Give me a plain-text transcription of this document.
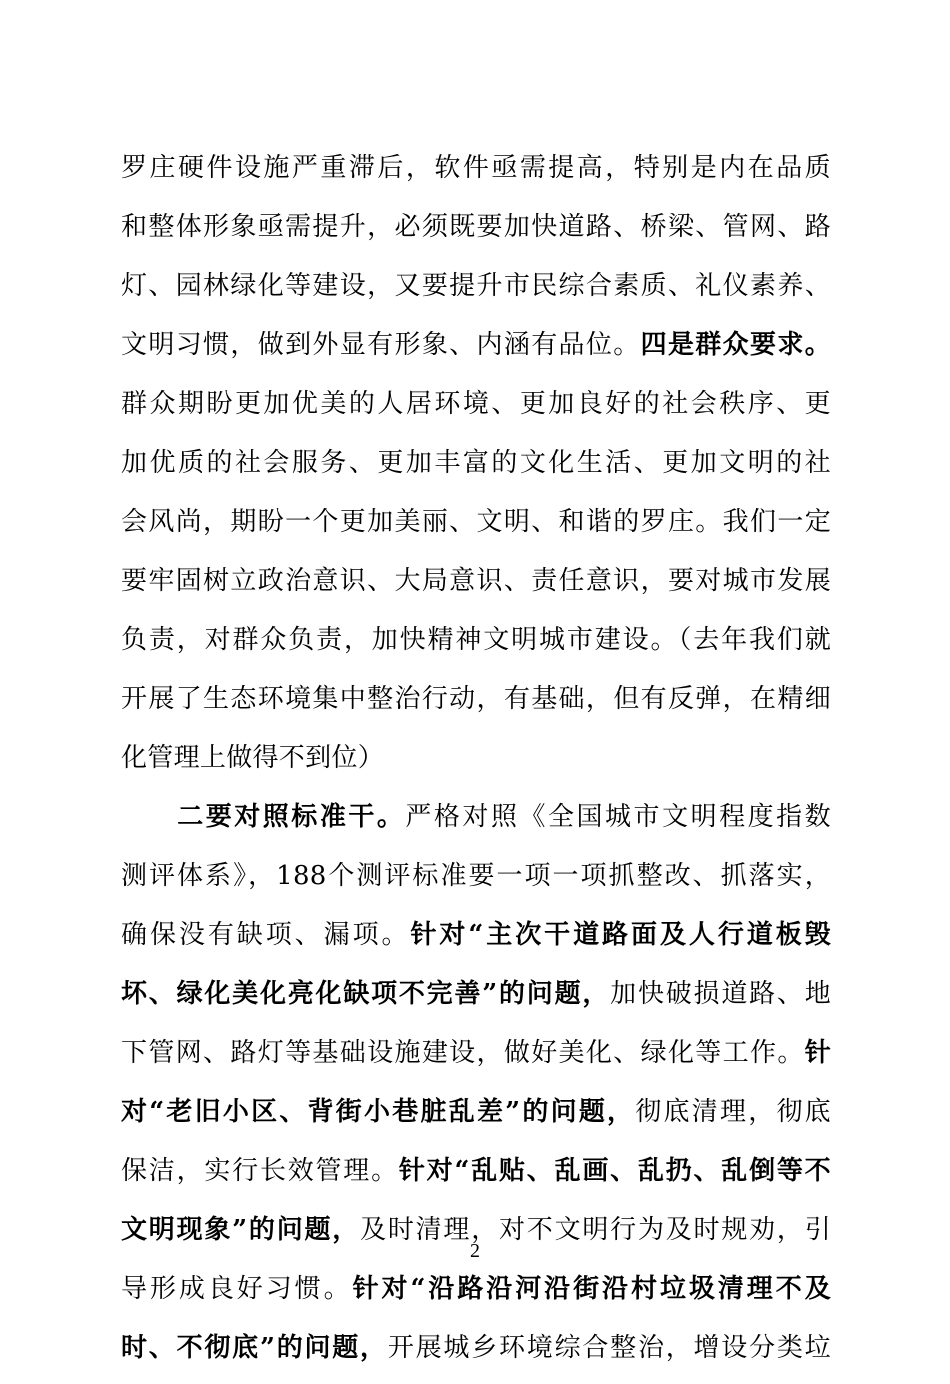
罗庄硬件设施严重滞后，软件亟需提高，特别是内在品质
和整体形象亟需提升，必须既要加快道路、桥梁、管网、路
灯、园林绿化等建设，又要提升市民综合素质、礼仪素养、
文明习惯，做到外显有形象、内涵有品位。四是群众要求。
群众期盼更加优美的人居环境、更加良好的社会秩序、更
加优质的社会服务、更加丰富的文化生活、更加文明的社
会风尚，期盼一个更加美丽、文明、和谐的罗庄。我们一定
要牢固树立政治意识、大局意识、责任意识，要对城市发展
负责，对群众负责，加快精神文明城市建设。（去年我们就
开展了生态环境集中整治行动，有基础，但有反弹，在精细
化管理上做得不到位）
二要对照标准干。严格对照《全国城市文明程度指数
测评体系》，188个测评标准要一项一项抓整改、抓落实，
确保没有缺项、漏项。针对“主次干道路面及人行道板毁
坏、绿化美化亮化缺项不完善”的问题，加快破损道路、地
下管网、路灯等基础设施建设，做好美化、绿化等工作。针
对“老旧小区、背街小巷脏乱差”的问题，彻底清理，彻底
保洁，实行长效管理。针对“乱贴、乱画、乱扔、乱倒等不
文明现象”的问题，及时清理，对不文明行为及时规劝，引
导形成良好习惯。针对“沿路沿河沿街沿村垃圾清理不及
时、不彻底”的问题，开展城乡环境综合整治，增设分类垃
2
